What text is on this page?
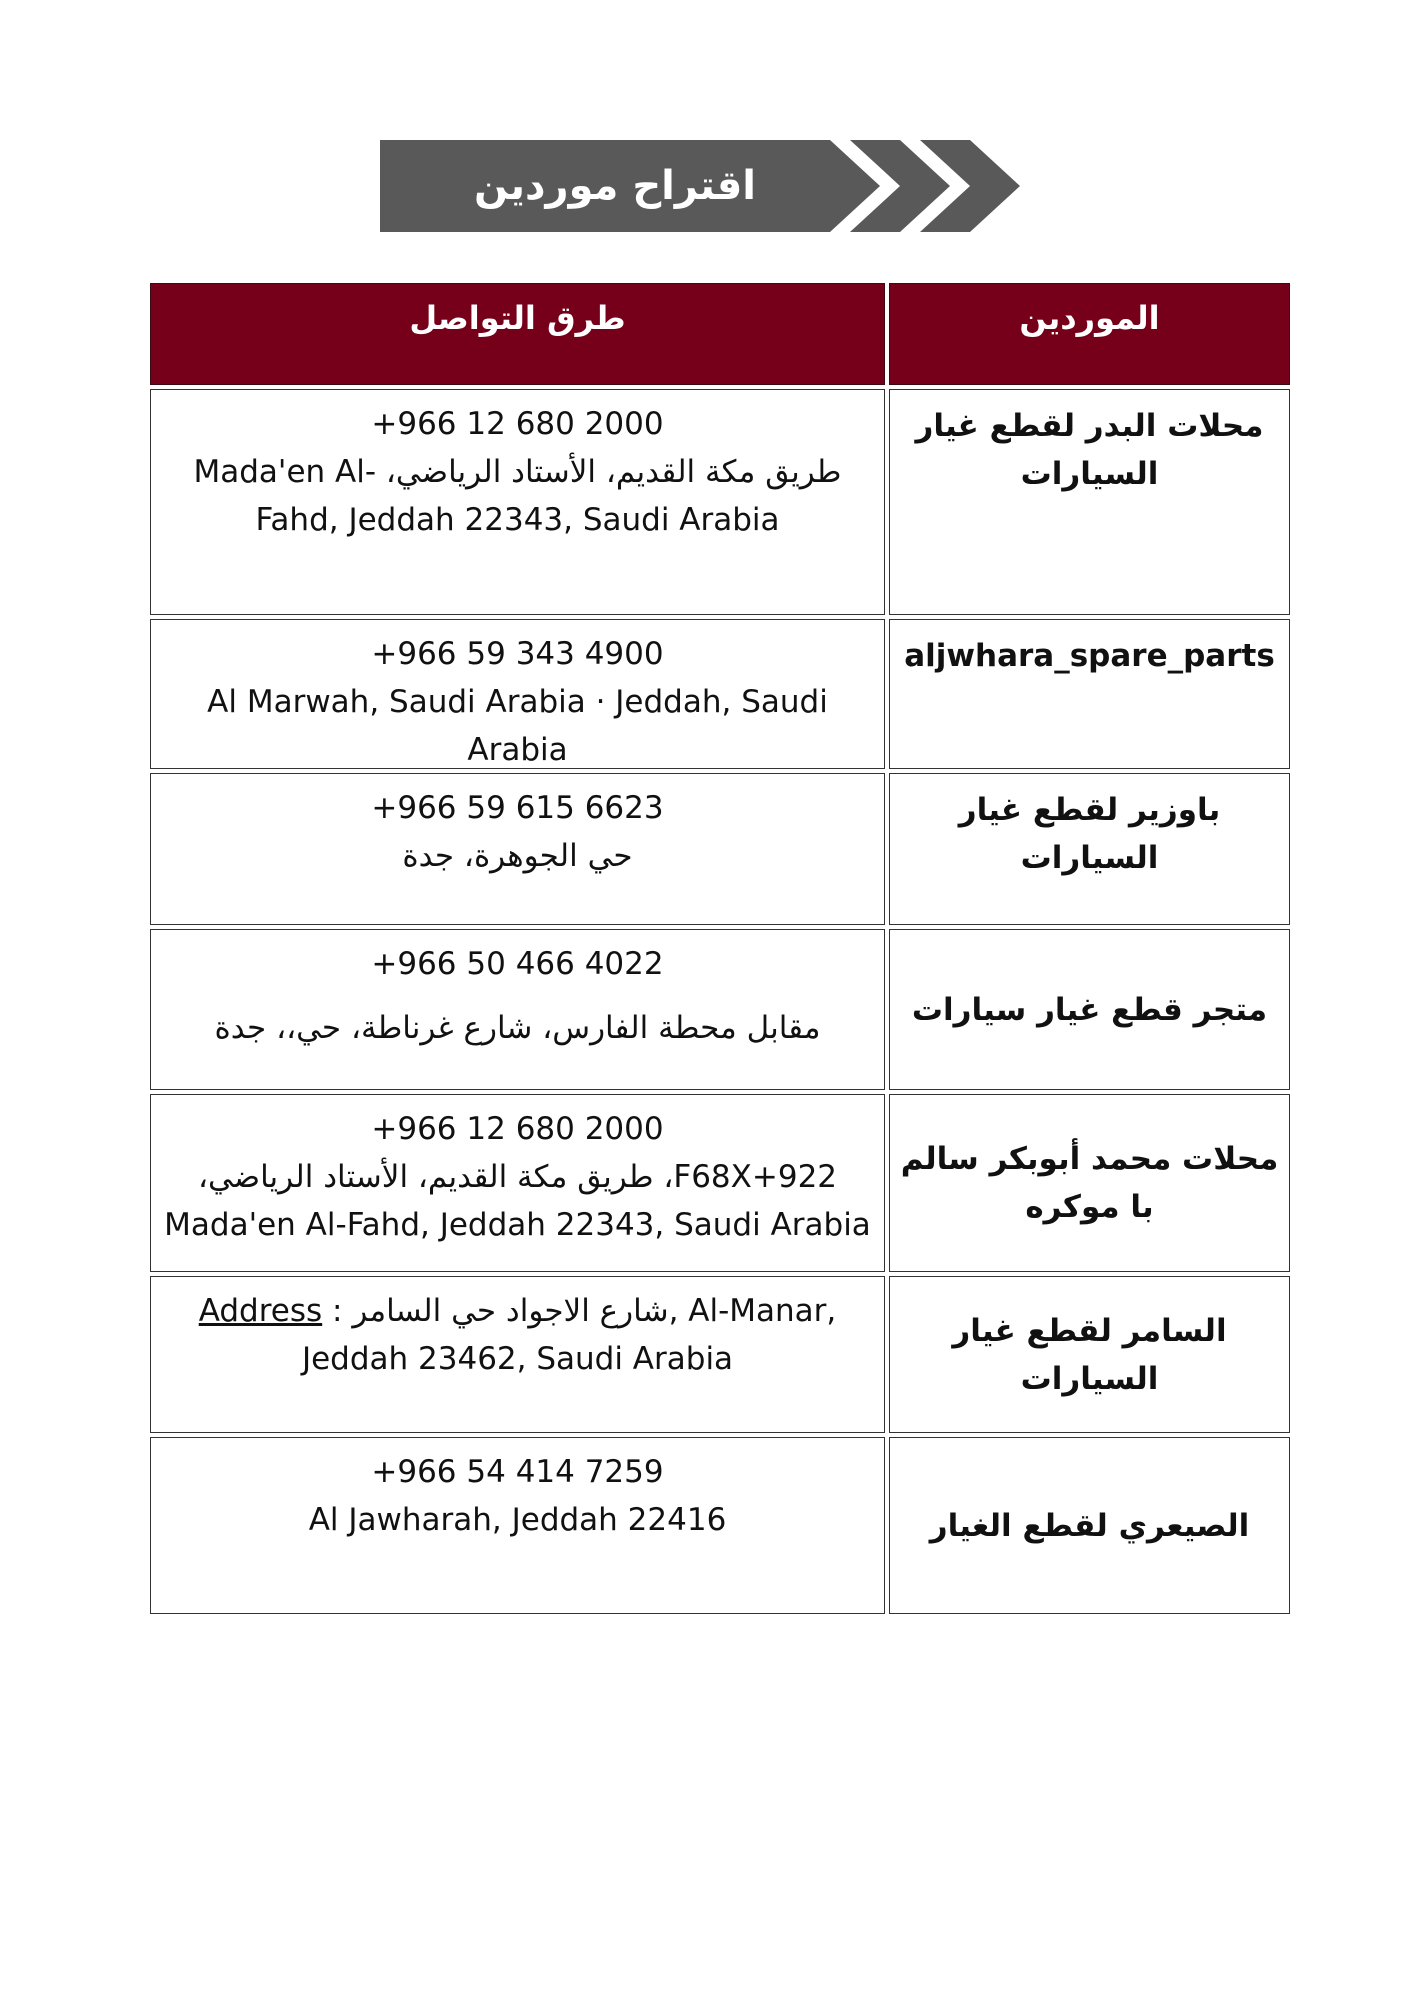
اقتراح موردين
الموردين
طرق التواصل
محلات البدر لقطع غيار السيارات
+966 12 680 2000
طريق مكة القديم، الأستاد الرياضي، -Mada'en Al
Fahd, Jeddah 22343, Saudi Arabia
aljwhara_spare_parts
+966 59 343 4900
Al Marwah, Saudi Arabia · Jeddah, Saudi Arabia
باوزير لقطع غيار السيارات
+966 59 615 6623
حي الجوهرة، جدة
متجر قطع غيار سيارات
+966 50 466 4022
مقابل محطة الفارس، شارع غرناطة، حي،، جدة
محلات محمد أبوبكر سالم با موكره
+966 12 680 2000
F68X+922، طريق مكة القديم، الأستاد الرياضي،
Mada'en Al-Fahd, Jeddah 22343, Saudi Arabia
السامر لقطع غيار السيارات
Address : شارع الاجواد حي السامر, Al-Manar,
Jeddah 23462, Saudi Arabia
الصيعري لقطع الغيار
+966 54 414 7259
Al Jawharah, Jeddah 22416
